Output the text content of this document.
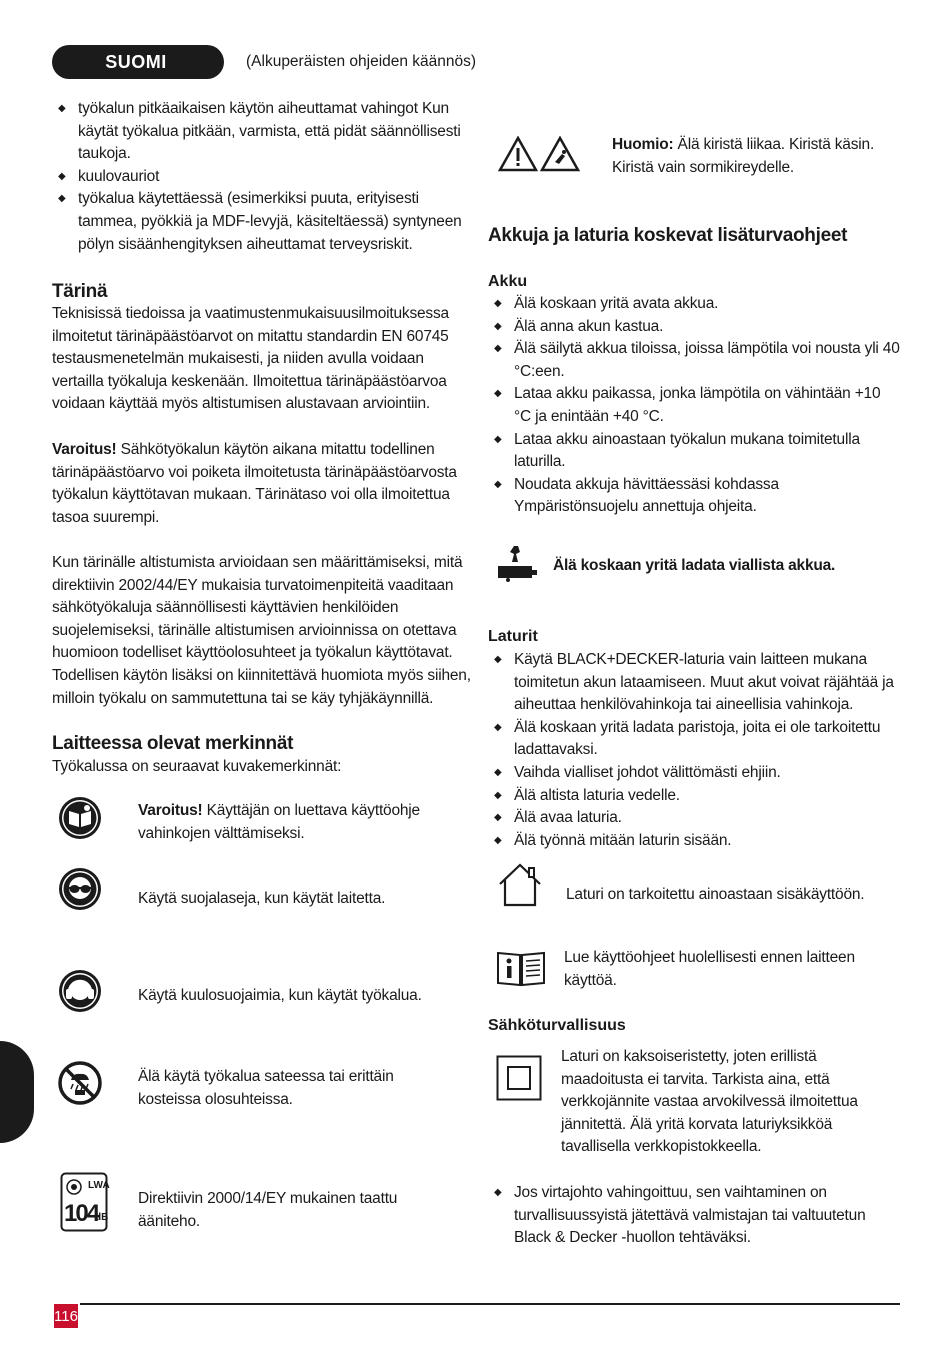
SUOMI	(Alkuperäisten ohjeiden käännös)
◆ työkalun pitkäaikaisen käytön aiheuttamat vahingot Kun käytät työkalua pitkään, varmista, että pidät säännöllisesti taukoja.
◆ kuulovauriot
◆ työkalua käytettäessä (esimerkiksi puuta, erityisesti tammea, pyökkiä ja MDF-levyjä, käsiteltäessä) syntyneen pölyn sisäänhengityksen aiheuttamat terveysriskit.
Tärinä
Teknisissä tiedoissa ja vaatimustenmukaisuusilmoituksessa ilmoitetut tärinäpäästöarvot on mitattu standardin EN 60745 testausmenetelmän mukaisesti, ja niiden avulla voidaan vertailla työkaluja keskenään. Ilmoitettua tärinäpäästöarvoa voidaan käyttää myös altistumisen alustavaan arviointiin.
Varoitus! Sähkötyökalun käytön aikana mitattu todellinen tärinäpäästöarvo voi poiketa ilmoitetusta tärinäpäästöarvosta työkalun käyttötavan mukaan. Tärinätaso voi olla ilmoitettua tasoa suurempi.
Kun tärinälle altistumista arvioidaan sen määrittämiseksi, mitä direktiivin 2002/44/EY mukaisia turvatoimenpiteitä vaaditaan sähkötyökaluja säännöllisesti käyttävien henkilöiden suojelemiseksi, tärinälle altistumisen arvioinnissa on otettava huomioon todelliset käyttöolosuhteet ja työkalun käyttötavat. Todellisen käytön lisäksi on kiinnitettävä huomiota myös siihen, milloin työkalu on sammutettuna tai se käy tyhjäkäynnillä.
Laitteessa olevat merkinnät
Työkalussa on seuraavat kuvakemerkinnät:
Varoitus! Käyttäjän on luettava käyttöohje vahinkojen välttämiseksi.
Käytä suojalaseja, kun käytät laitetta.
Käytä kuulosuojaimia, kun käytät työkalua.
Älä käytä työkalua sateessa tai erittäin kosteissa olosuhteissa.
LWA
104
dB
Direktiivin 2000/14/EY mukainen taattu ääniteho.
Huomio: Älä kiristä liikaa. Kiristä käsin. Kiristä vain sormikireydelle.
Akkuja ja laturia koskevat lisäturvaohjeet
Akku
◆ Älä koskaan yritä avata akkua.
◆ Älä anna akun kastua.
◆ Älä säilytä akkua tiloissa, joissa lämpötila voi nousta yli 40 °C:een.
◆ Lataa akku paikassa, jonka lämpötila on vähintään +10 °C ja enintään +40 °C.
◆ Lataa akku ainoastaan työkalun mukana toimitetulla laturilla.
◆ Noudata akkuja hävittäessäsi kohdassa Ympäristönsuojelu annettuja ohjeita.
Älä koskaan yritä ladata viallista akkua.
Laturit
◆ Käytä BLACK+DECKER-laturia vain laitteen mukana toimitetun akun lataamiseen. Muut akut voivat räjähtää ja aiheuttaa henkilövahinkoja tai aineellisia vahinkoja.
◆ Älä koskaan yritä ladata paristoja, joita ei ole tarkoitettu ladattavaksi.
◆ Vaihda vialliset johdot välittömästi ehjiin.
◆ Älä altista laturia vedelle.
◆ Älä avaa laturia.
◆ Älä työnnä mitään laturin sisään.
Laturi on tarkoitettu ainoastaan sisäkäyttöön.
Lue käyttöohjeet huolellisesti ennen laitteen käyttöä.
Sähköturvallisuus
Laturi on kaksoiseristetty, joten erillistä maadoitusta ei tarvita. Tarkista aina, että verkkojännite vastaa arvokilvessä ilmoitettua jännitettä. Älä yritä korvata laturiyksikköä tavallisella verkkopistokkeella.
◆ Jos virtajohto vahingoittuu, sen vaihtaminen on turvallisuussyistä jätettävä valmistajan tai valtuutetun Black & Decker -huollon tehtäväksi.
116
